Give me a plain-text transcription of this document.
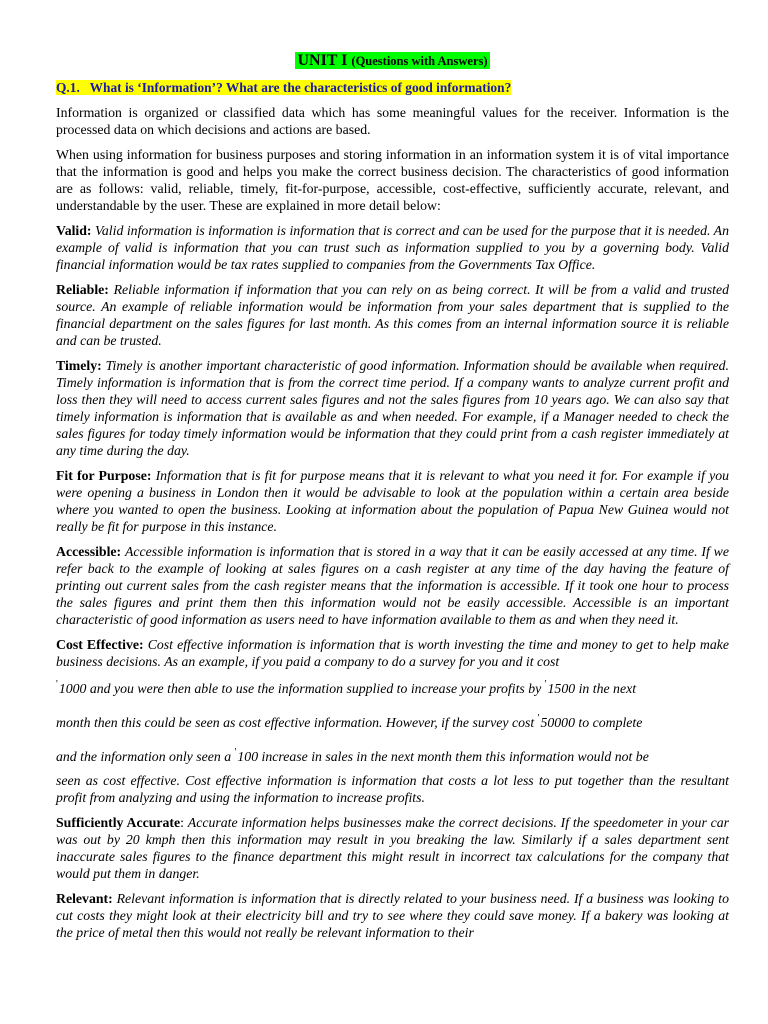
UNIT I (Questions with Answers)
Q.1. What is ‘Information’? What are the characteristics of good information?

Information is organized or classified data which has some meaningful values for the receiver. Information is the processed data on which decisions and actions are based.

When using information for business purposes and storing information in an information system it is of vital importance that the information is good and helps you make the correct business decision. The characteristics of good information are as follows: valid, reliable, timely, fit-for-purpose, accessible, cost-effective, sufficiently accurate, relevant, and understandable by the user. These are explained in more detail below:

Valid: Valid information is information is information that is correct and can be used for the purpose that it is needed. An example of valid is information that you can trust such as information supplied to you by a governing body. Valid financial information would be tax rates supplied to companies from the Governments Tax Office.

Reliable: Reliable information if information that you can rely on as being correct. It will be from a valid and trusted source. An example of reliable information would be information from your sales department that is supplied to the financial department on the sales figures for last month. As this comes from an internal information source it is reliable and can be trusted.

Timely: Timely is another important characteristic of good information. Information should be available when required. Timely information is information that is from the correct time period. If a company wants to analyze current profit and loss then they will need to access current sales figures and not the sales figures from 10 years ago. We can also say that timely information is information that is available as and when needed. For example, if a Manager needed to check the sales figures for today timely information would be information that they could print from a cash register immediately at any time during the day.

Fit for Purpose: Information that is fit for purpose means that it is relevant to what you need it for. For example if you were opening a business in London then it would be advisable to look at the population within a certain area beside where you wanted to open the business. Looking at information about the population of Papua New Guinea would not really be fit for purpose in this instance.

Accessible: Accessible information is information that is stored in a way that it can be easily accessed at any time. If we refer back to the example of looking at sales figures on a cash register at any time of the day having the feature of printing out current sales from the cash register means that the information is accessible. If it took one hour to process the sales figures and print them then this information would not be easily accessible. Accessible is an important characteristic of good information as users need to have information available to them as and when they need it.

Cost Effective: Cost effective information is information that is worth investing the time and money to get to help make business decisions. As an example, if you paid a company to do a survey for you and it cost
'1000 and you were then able to use the information supplied to increase your profits by '1500 in the next
month then this could be seen as cost effective information. However, if the survey cost '50000 to complete
and the information only seen a '100 increase in sales in the next month them this information would not be
seen as cost effective. Cost effective information is information that costs a lot less to put together than the resultant profit from analyzing and using the information to increase profits.

Sufficiently Accurate: Accurate information helps businesses make the correct decisions. If the speedometer in your car was out by 20 kmph then this information may result in you breaking the law. Similarly if a sales department sent inaccurate sales figures to the finance department this might result in incorrect tax calculations for the company that would put them in danger.

Relevant: Relevant information is information that is directly related to your business need. If a business was looking to cut costs they might look at their electricity bill and try to see where they could save money. If a bakery was looking at the price of metal then this would not really be relevant information to their
